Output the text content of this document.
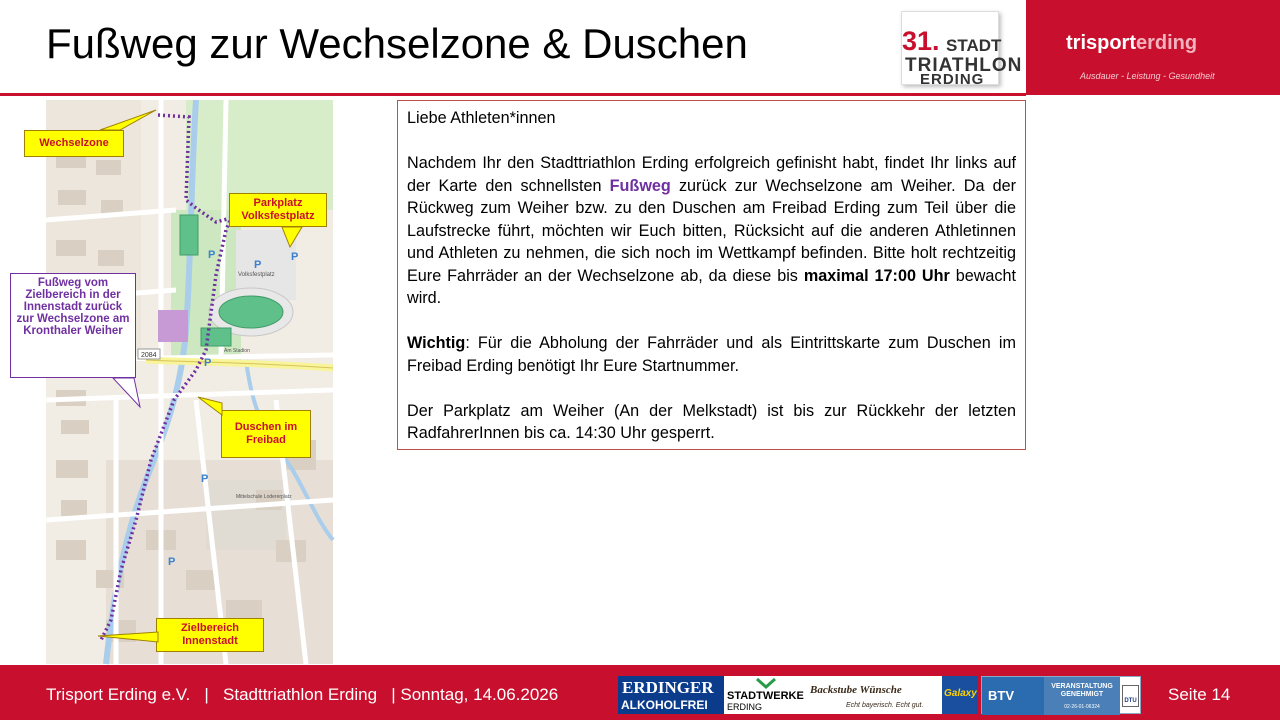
Fußweg zur Wechselzone & Duschen	31. STADT
TRIATHLON
ERDING
trisporterding
Ausdauer - Leistung - Gesundheit
Volksfestplatz
2084
Am Stadion
Mittelschule Lodererplatz
P
P
P
P
P
P
Wechselzone
Parkplatz Volksfestplatz
Fußweg vom Zielbereich in der Innenstadt zurück zur Wechselzone am Kronthaler Weiher
Duschen im Freibad
Zielbereich Innenstadt

Liebe Athleten*innen

Nachdem Ihr den Stadttriathlon Erding erfolgreich gefinisht habt, findet Ihr links auf der Karte den schnellsten Fußweg zurück zur Wechselzone am Weiher. Da der Rückweg zum Weiher bzw. zu den Duschen am Freibad Erding zum Teil über die Laufstrecke führt, möchten wir Euch bitten, Rücksicht auf die anderen Athletinnen und Athleten zu nehmen, die sich noch im Wettkampf befinden. Bitte holt rechtzeitig Eure Fahrräder an der Wechselzone ab, da diese bis maximal 17:00 Uhr bewacht wird.

Wichtig: Für die Abholung der Fahrräder und als Eintrittskarte zum Duschen im Freibad Erding benötigt Ihr Eure Startnummer.

Der Parkplatz am Weiher (An der Melkstadt) ist bis zur Rückkehr der letzten RadfahrerInnen bis ca. 14:30 Uhr gesperrt.

Trisport Erding e.V.   |   Stadttriathlon Erding   | Sonntag, 14.06.2026	Seite 14
ERDINGER
ALKOHOLFREI
STADTWERKE
ERDING
Backstube Wünsche
Echt bayerisch. Echt gut.
Galaxy BTV
VERANSTALTUNG GENEHMIGT
02-26-01-06324
DTU
